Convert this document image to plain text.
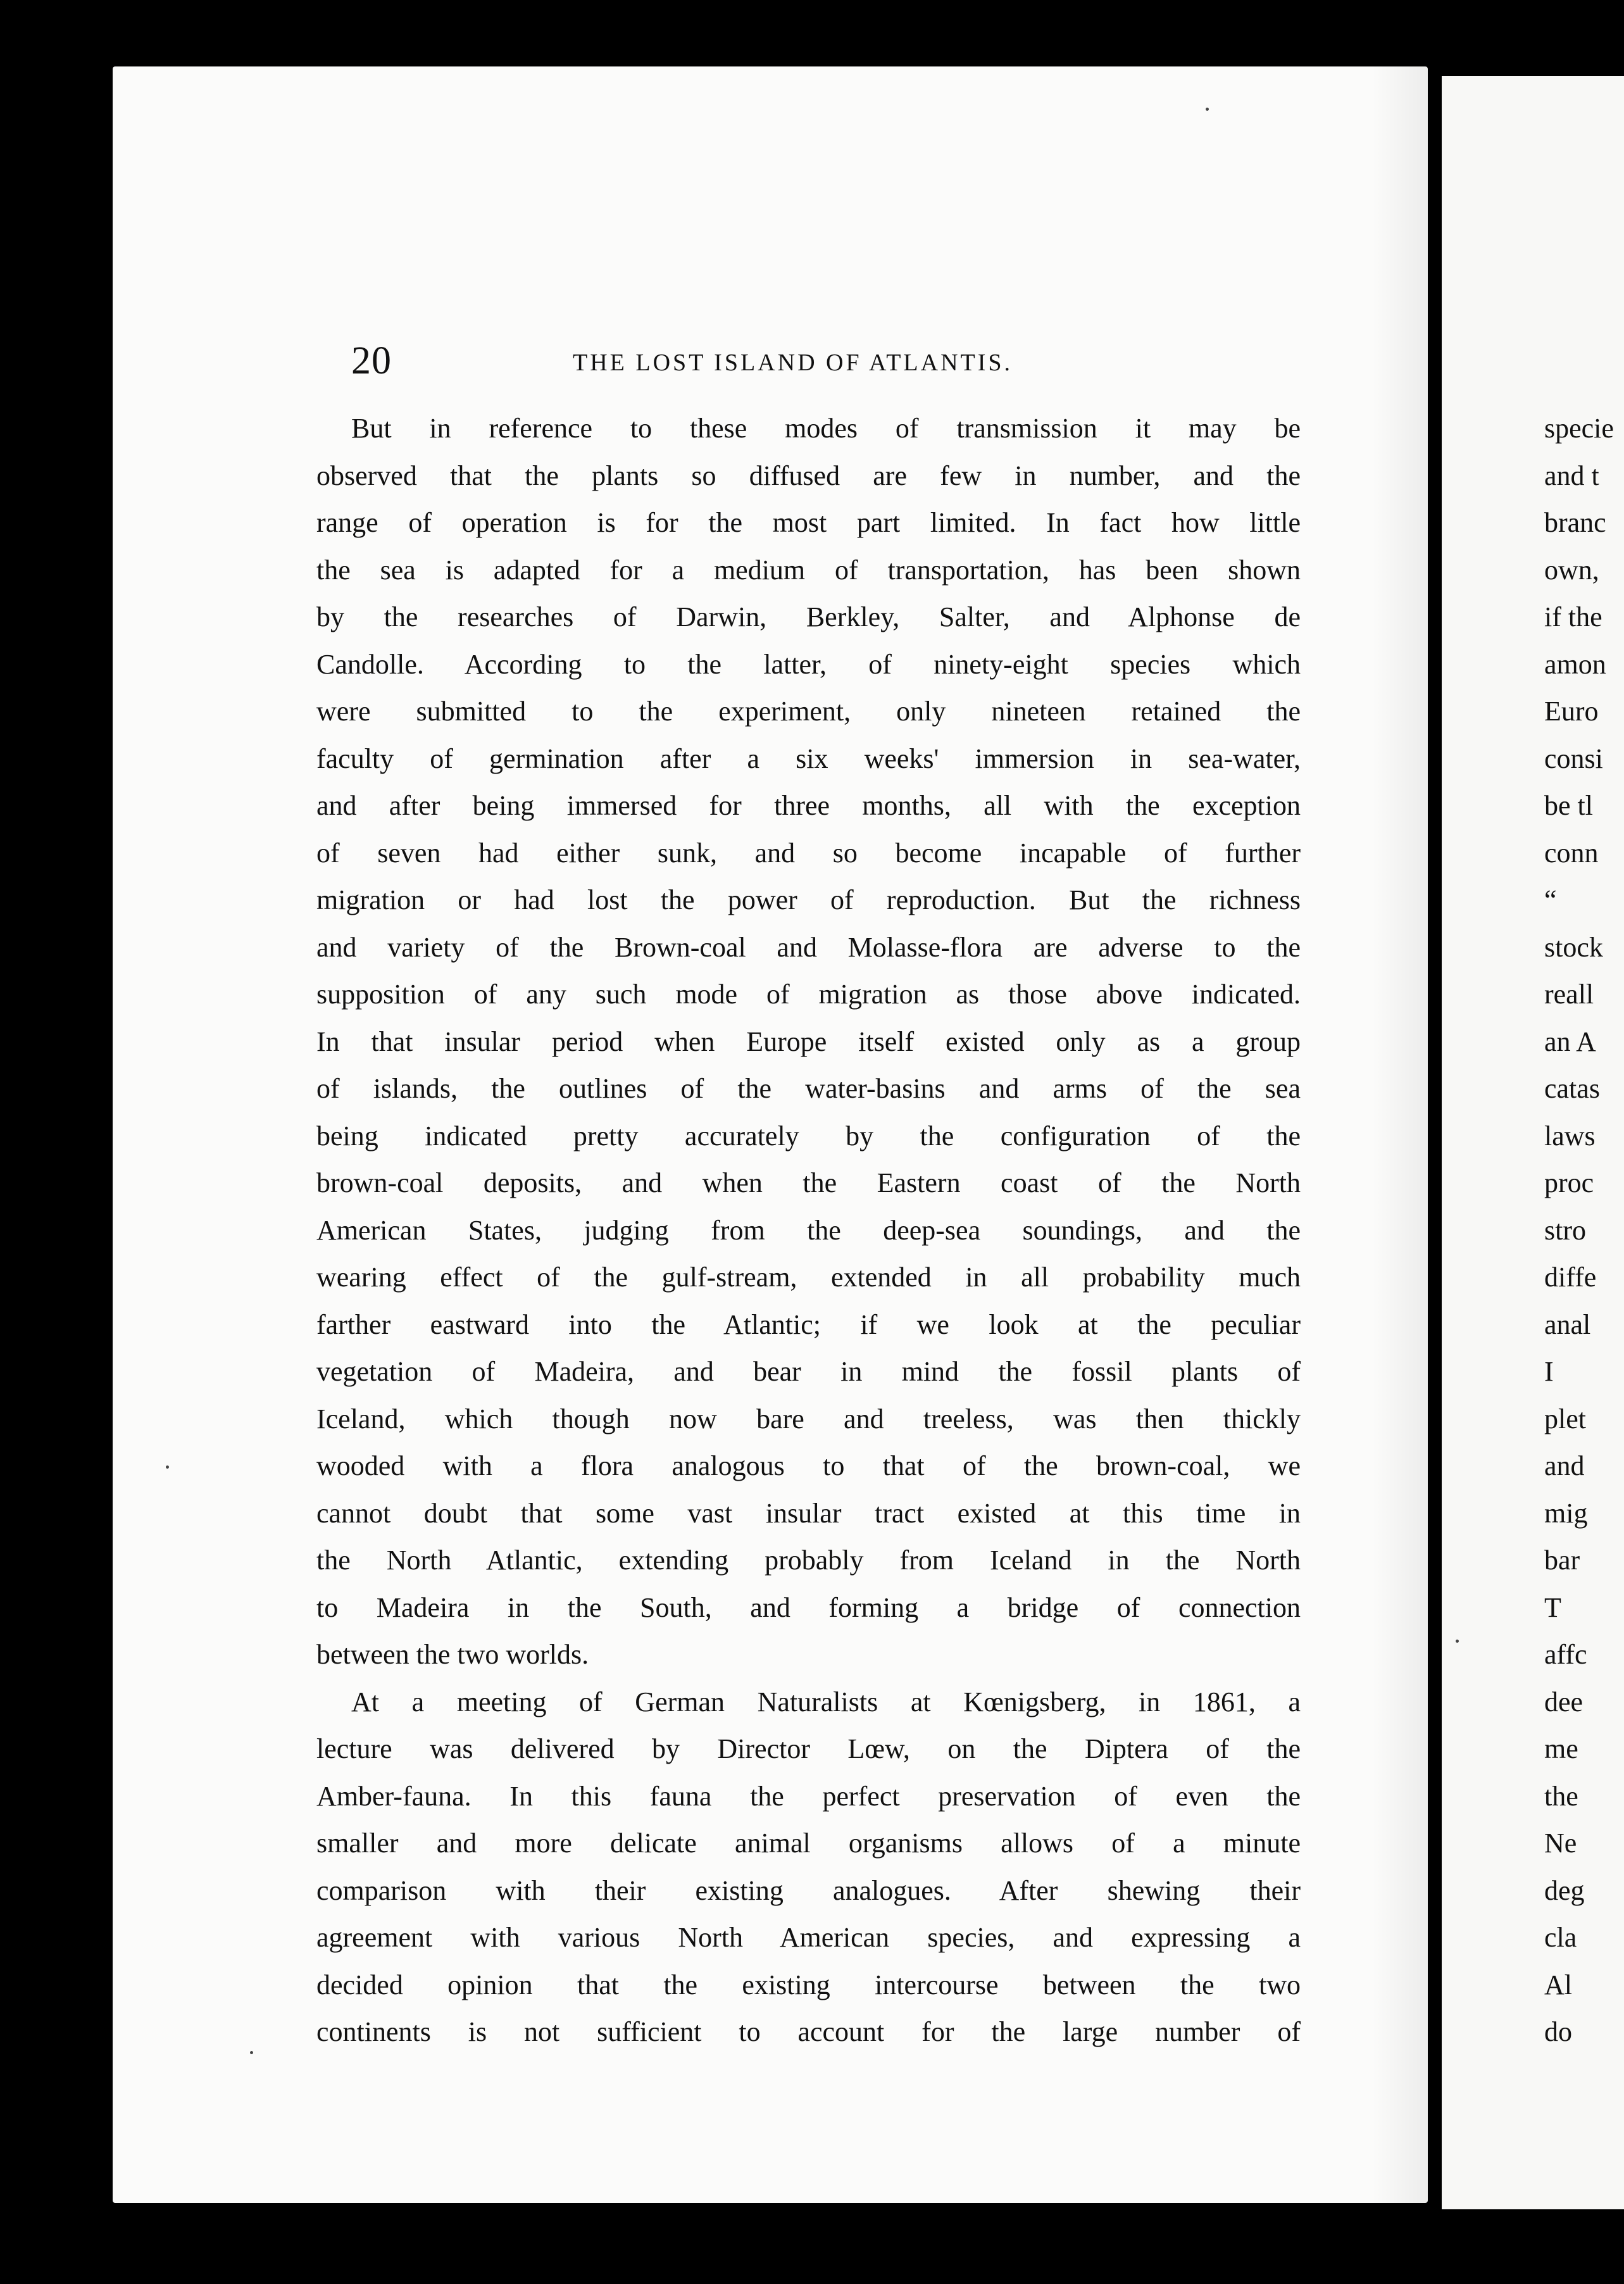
20	THE LOST ISLAND OF ATLANTIS.
But in reference to these modes of transmission it may be
observed that the plants so diffused are few in number, and the
range of operation is for the most part limited. In fact how little
the sea is adapted for a medium of transportation, has been shown
by the researches of Darwin, Berkley, Salter, and Alphonse de
Candolle. According to the latter, of ninety-eight species which
were submitted to the experiment, only nineteen retained the
faculty of germination after a six weeks' immersion in sea-water,
and after being immersed for three months, all with the exception
of seven had either sunk, and so become incapable of further
migration or had lost the power of reproduction. But the richness
and variety of the Brown-coal and Molasse-flora are adverse to the
supposition of any such mode of migration as those above indicated.
In that insular period when Europe itself existed only as a group
of islands, the outlines of the water-basins and arms of the sea
being indicated pretty accurately by the configuration of the
brown-coal deposits, and when the Eastern coast of the North
American States, judging from the deep-sea soundings, and the
wearing effect of the gulf-stream, extended in all probability much
farther eastward into the Atlantic; if we look at the peculiar
vegetation of Madeira, and bear in mind the fossil plants of
Iceland, which though now bare and treeless, was then thickly
wooded with a flora analogous to that of the brown-coal, we
cannot doubt that some vast insular tract existed at this time in
the North Atlantic, extending probably from Iceland in the North
to Madeira in the South, and forming a bridge of connection
between the two worlds.
At a meeting of German Naturalists at Kœnigsberg, in 1861, a
lecture was delivered by Director Lœw, on the Diptera of the
Amber-fauna. In this fauna the perfect preservation of even the
smaller and more delicate animal organisms allows of a minute
comparison with their existing analogues. After shewing their
agreement with various North American species, and expressing a
decided opinion that the existing intercourse between the two
continents is not sufficient to account for the large number of
specie
and t
branc
own,
if the
amon
Euro
consi
be tl
conn
“
stock
reall
an A
catas
laws
proc
stro
diffe
anal
I
plet
and
mig
bar
T
affc
dee
me
the
Ne
deg
cla
Al
do
